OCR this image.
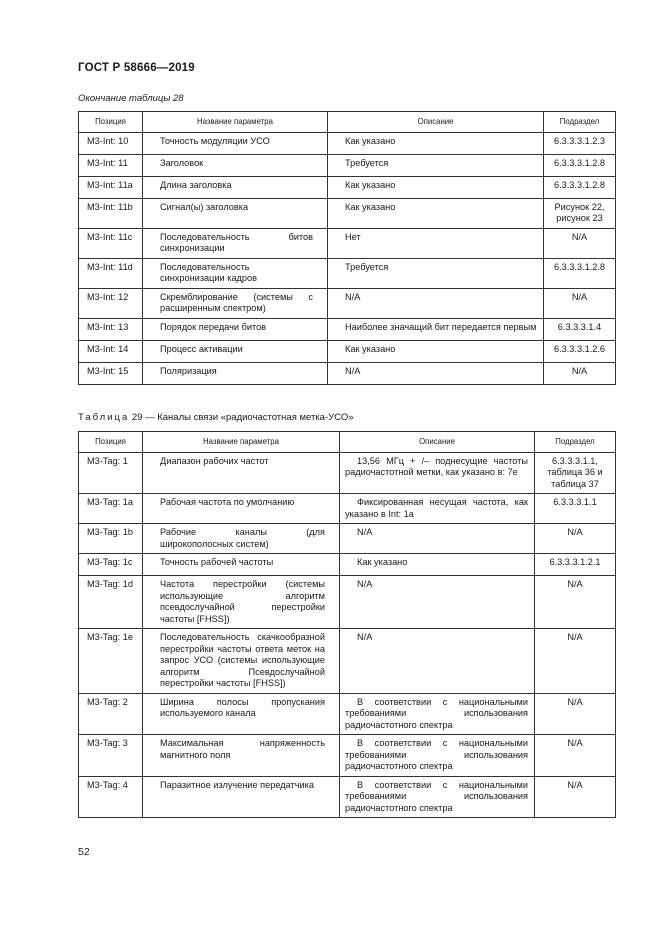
ГОСТ Р 58666—2019
Окончание таблицы 28
Позиция	Название параметра	Описание	Подраздел
M3-Int: 10	Точность модуляции УСО	Как указано	6.3.3.3.1.2.3
M3-Int: 11	Заголовок	Требуется	6.3.3.3.1.2.8
M3-Int: 11a	Длина заголовка	Как указано	6.3.3.3.1.2.8
M3-Int: 11b	Сигнал(ы) заголовка	Как указано	Рисунок 22, рисунок 23
M3-Int: 11c	Последовательность битов синхронизации	Нет	N/A
M3-Int: 11d	Последовательность синхронизации кадров	Требуется	6.3.3.3.1.2.8
M3-Int: 12	Скремблирование (системы с расширенным спектром)	N/A	N/A
M3-Int: 13	Порядок передачи битов	Наиболее значащий бит передается первым	6.3.3.3.1.4
M3-Int: 14	Процесс активации	Как указано	6.3.3.3.1.2.6
M3-Int: 15	Поляризация	N/A	N/A
Таблица 29 — Каналы связи «радиочастотная метка-УСО»
Позиция	Название параметра	Описание	Подраздел
M3-Tag: 1	Диапазон рабочих частот	13,56 МГц + /– поднесущие частоты радиочастотной метки, как указано в: 7e	6.3.3.3.1.1, таблица 36 и таблица 37
M3-Tag: 1a	Рабочая частота по умолчанию	Фиксированная несущая частота, как указано в Int: 1a	6.3.3.3.1.1
M3-Tag: 1b	Рабочие каналы (для широкополосных систем)	N/A	N/A
M3-Tag: 1c	Точность рабочей частоты	Как указано	6.3.3.3.1.2.1
M3-Tag: 1d	Частота перестройки (системы использующие алгоритм псевдослучайной перестройки частоты [FHSS])	N/A	N/A
M3-Tag: 1e	Последовательность скачкообразной перестройки частоты ответа меток на запрос УСО (системы использующие алгоритм Псевдослучайной перестройки частоты [FHSS])	N/A	N/A
M3-Tag: 2	Ширина полосы пропускания используемого канала	В соответствии с национальными требованиями использования радиочастотного спектра	N/A
M3-Tag: 3	Максимальная напряженность магнитного поля	В соответствии с национальными требованиями использования радиочастотного спектра	N/A
M3-Tag: 4	Паразитное излучение передатчика	В соответствии с национальными требованиями использования радиочастотного спектра	N/A
52
